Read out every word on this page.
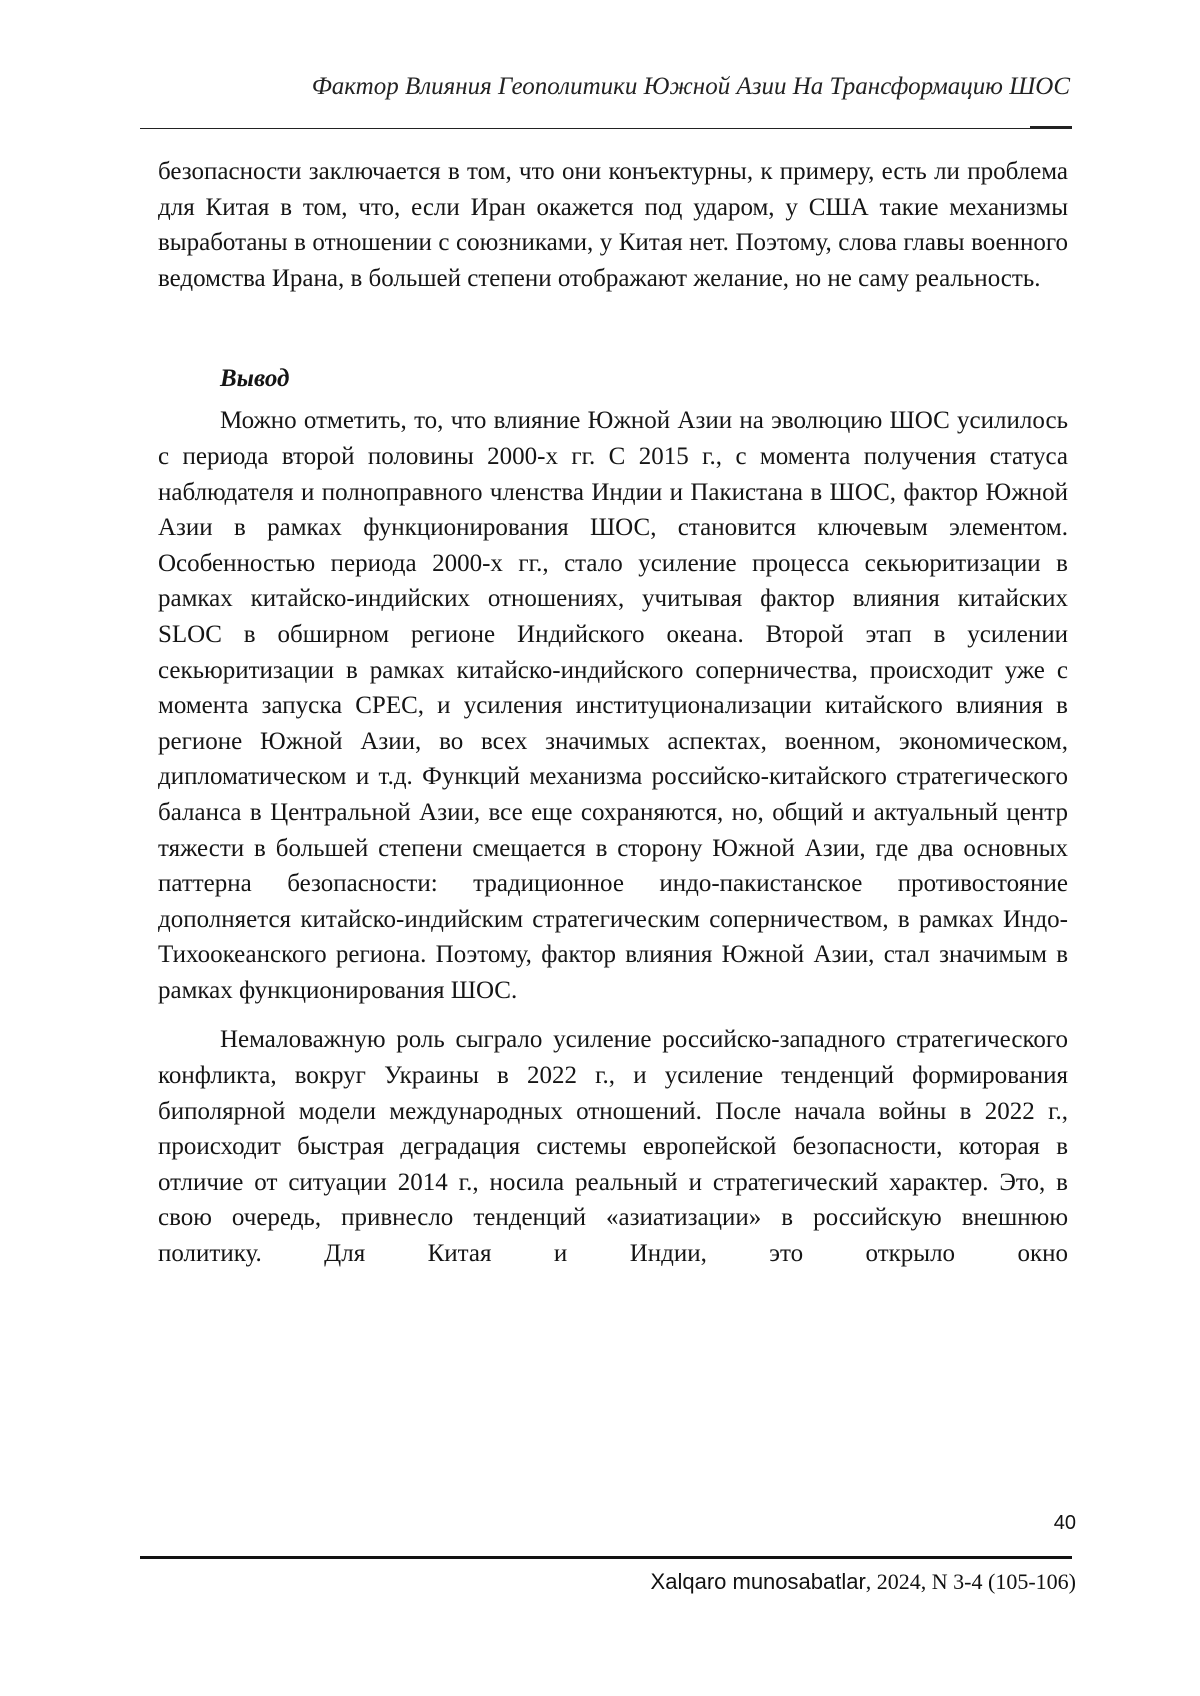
Фактор Влияния Геополитики Южной Азии На Трансформацию ШОС

безопасности заключается в том, что они конъектурны, к примеру, есть ли проблема для Китая в том, что, если Иран окажется под ударом, у США такие механизмы выработаны в отношении с союзниками, у Китая нет. Поэтому, слова главы военного ведомства Ирана, в большей степени отображают желание, но не саму реальность.

Вывод

Можно отметить, то, что влияние Южной Азии на эволюцию ШОС усилилось с периода второй половины 2000-х гг. С 2015 г., с момента получения статуса наблюдателя и полноправного членства Индии и Пакистана в ШОС, фактор Южной Азии в рамках функционирования ШОС, становится ключевым элементом. Особенностью периода 2000-х гг., стало усиление процесса секьюритизации в рамках китайско-индийских отношениях, учитывая фактор влияния китайских SLOC в обширном регионе Индийского океана. Второй этап в усилении секьюритизации в рамках китайско-индийского соперничества, происходит уже с момента запуска CPEC, и усиления институционализации китайского влияния в регионе Южной Азии, во всех значимых аспектах, военном, экономическом, дипломатическом и т.д. Функций механизма российско-китайского стратегического баланса в Центральной Азии, все еще сохраняются, но, общий и актуальный центр тяжести в большей степени смещается в сторону Южной Азии, где два основных паттерна безопасности: традиционное индо-пакистанское противостояние дополняется китайско-индийским стратегическим соперничеством, в рамках Индо-Тихоокеанского региона. Поэтому, фактор влияния Южной Азии, стал значимым в рамках функционирования ШОС.

Немаловажную роль сыграло усиление российско-западного стратегического конфликта, вокруг Украины в 2022 г., и усиление тенденций формирования биполярной модели международных отношений. После начала войны в 2022 г., происходит быстрая деградация системы европейской безопасности, которая в отличие от ситуации 2014 г., носила реальный и стратегический характер. Это, в свою очередь, привнесло тенденций «азиатизации» в российскую внешнюю политику. Для Китая и Индии, это открыло окно

40
Xalqaro munosabatlar, 2024, N 3-4 (105-106)
